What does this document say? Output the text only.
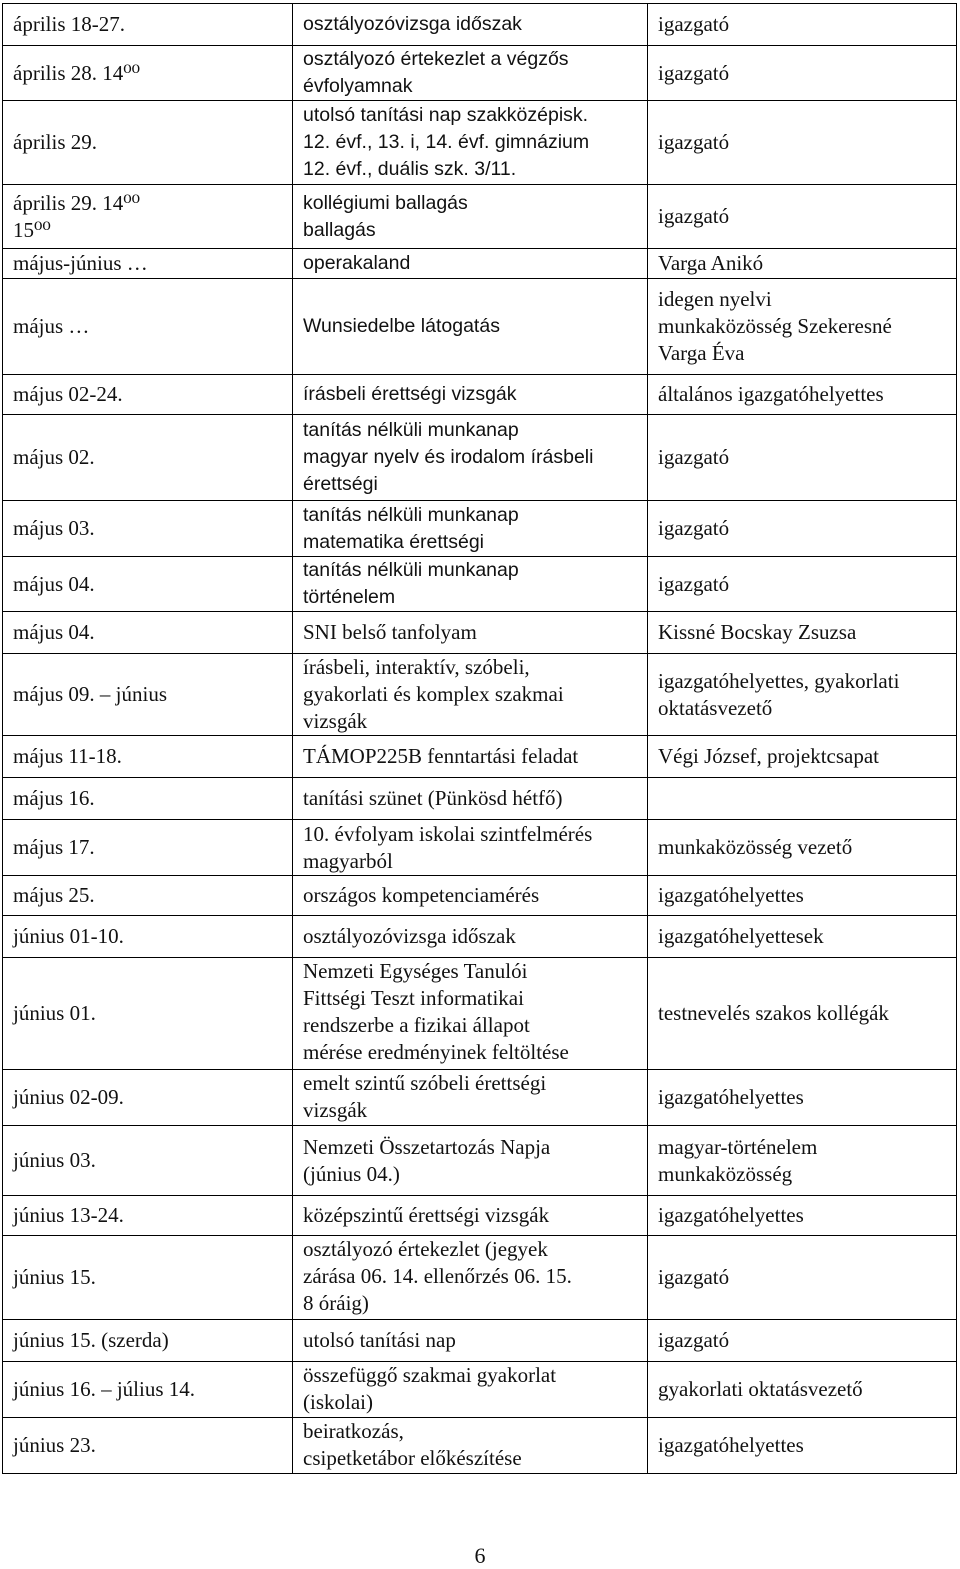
április 18-27.	osztályozóvizsga időszak	igazgató

április 28. 14⁰⁰	osztályozó értekezlet a végzős
évfolyamnak	igazgató

április 29.	utolsó tanítási nap szakközépisk.
12. évf., 13. i, 14. évf. gimnázium
12. évf., duális szk. 3/11.	igazgató

április 29. 14⁰⁰
15⁰⁰	kollégiumi ballagás
ballagás	igazgató

május-június …	operakaland	Varga Anikó

május …	Wunsiedelbe látogatás	idegen nyelvi
munkaközösség Szekeresné
Varga Éva

május 02-24.	írásbeli érettségi vizsgák	általános igazgatóhelyettes

május 02.	tanítás nélküli munkanap
magyar nyelv és irodalom írásbeli
érettségi	igazgató

május 03.	tanítás nélküli munkanap
matematika érettségi	igazgató

május 04.	tanítás nélküli munkanap
történelem	igazgató

május 04.	SNI belső tanfolyam	Kissné Bocskay Zsuzsa

május 09. – június	írásbeli, interaktív, szóbeli,
gyakorlati és komplex szakmai
vizsgák	igazgatóhelyettes, gyakorlati
oktatásvezető

május 11-18.	TÁMOP225B fenntartási feladat	Végi József, projektcsapat

május 16.	tanítási szünet (Pünkösd hétfő)	

május 17.	10. évfolyam iskolai szintfelmérés
magyarból	munkaközösség vezető

május 25.	országos kompetenciamérés	igazgatóhelyettes

június 01-10.	osztályozóvizsga időszak	igazgatóhelyettesek

június 01.	Nemzeti Egységes Tanulói
Fittségi Teszt informatikai
rendszerbe a fizikai állapot
mérése eredményinek feltöltése	testnevelés szakos kollégák

június 02-09.	emelt szintű szóbeli érettségi
vizsgák	igazgatóhelyettes

június 03.	Nemzeti Összetartozás Napja
(június 04.)	magyar-történelem
munkaközösség

június 13-24.	középszintű érettségi vizsgák	igazgatóhelyettes

június 15.	osztályozó értekezlet (jegyek
zárása 06. 14. ellenőrzés 06. 15.
8 óráig)	igazgató

június 15. (szerda)	utolsó tanítási nap	igazgató

június 16. – július 14.	összefüggő szakmai gyakorlat
(iskolai)	gyakorlati oktatásvezető

június 23.	beiratkozás,
csipetketábor előkészítése	igazgatóhelyettes
6
